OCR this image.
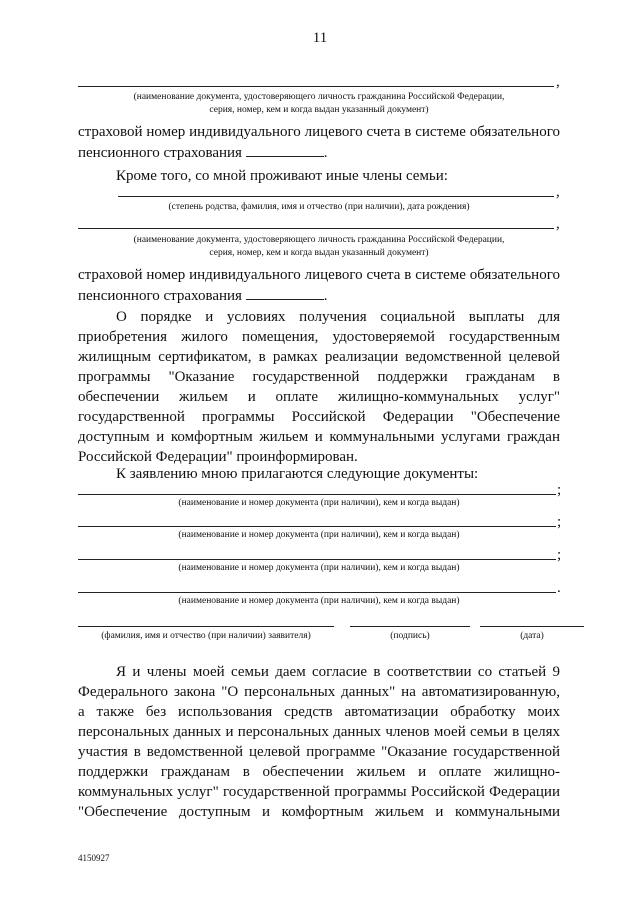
11
,
(наименование документа, удостоверяющего личность гражданина Российской Федерации,
серия, номер, кем и когда выдан указанный документ)
страховой номер индивидуального лицевого счета в системе обязательного
пенсионного страхования	.
Кроме того, со мной проживают иные члены семьи:
,
(степень родства, фамилия, имя и отчество (при наличии), дата рождения)
,
(наименование документа, удостоверяющего личность гражданина Российской Федерации,
серия, номер, кем и когда выдан указанный документ)
страховой номер индивидуального лицевого счета в системе обязательного
пенсионного страхования	.
О порядке и условиях получения социальной выплаты для
приобретения жилого помещения, удостоверяемой государственным
жилищным сертификатом, в рамках реализации ведомственной целевой
программы "Оказание государственной поддержки гражданам в
обеспечении жильем и оплате жилищно-коммунальных услуг"
государственной программы Российской Федерации "Обеспечение
доступным и комфортным жильем и коммунальными услугами граждан
Российской Федерации" проинформирован.
К заявлению мною прилагаются следующие документы:
;
(наименование и номер документа (при наличии), кем и когда выдан)
;
(наименование и номер документа (при наличии), кем и когда выдан)
;
(наименование и номер документа (при наличии), кем и когда выдан)
.
(наименование и номер документа (при наличии), кем и когда выдан)
(фамилия, имя и отчество (при наличии) заявителя)	(подпись)	(дата)
Я и члены моей семьи даем согласие в соответствии со статьей 9
Федерального закона "О персональных данных" на автоматизированную,
а также без использования средств автоматизации обработку моих
персональных данных и персональных данных членов моей семьи в целях
участия в ведомственной целевой программе "Оказание государственной
поддержки гражданам в обеспечении жильем и оплате жилищно-
коммунальных услуг" государственной программы Российской Федерации
"Обеспечение доступным и комфортным жильем и коммунальными
4150927
